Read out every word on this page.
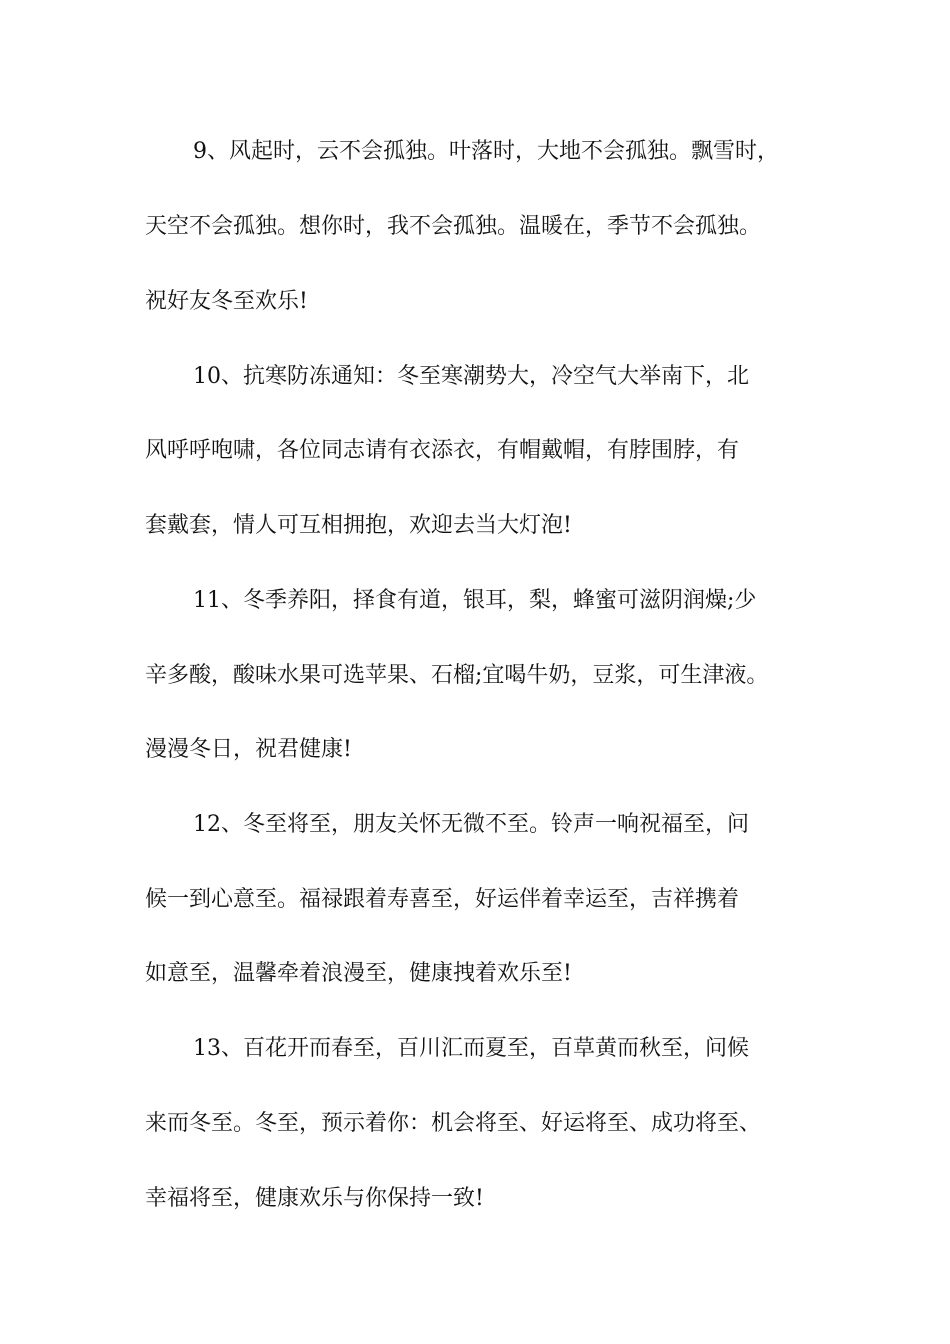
9、风起时，云不会孤独。叶落时，大地不会孤独。飘雪时，
天空不会孤独。想你时，我不会孤独。温暖在，季节不会孤独。
祝好友冬至欢乐!
10、抗寒防冻通知：冬至寒潮势大，冷空气大举南下，北
风呼呼咆啸，各位同志请有衣添衣，有帽戴帽，有脖围脖，有
套戴套，情人可互相拥抱，欢迎去当大灯泡!
11、冬季养阳，择食有道，银耳，梨，蜂蜜可滋阴润燥;少
辛多酸，酸味水果可选苹果、石榴;宜喝牛奶，豆浆，可生津液。
漫漫冬日，祝君健康!
12、冬至将至，朋友关怀无微不至。铃声一响祝福至，问
候一到心意至。福禄跟着寿喜至，好运伴着幸运至，吉祥携着
如意至，温馨牵着浪漫至，健康拽着欢乐至!
13、百花开而春至，百川汇而夏至，百草黄而秋至，问候
来而冬至。冬至，预示着你：机会将至、好运将至、成功将至、
幸福将至，健康欢乐与你保持一致!
